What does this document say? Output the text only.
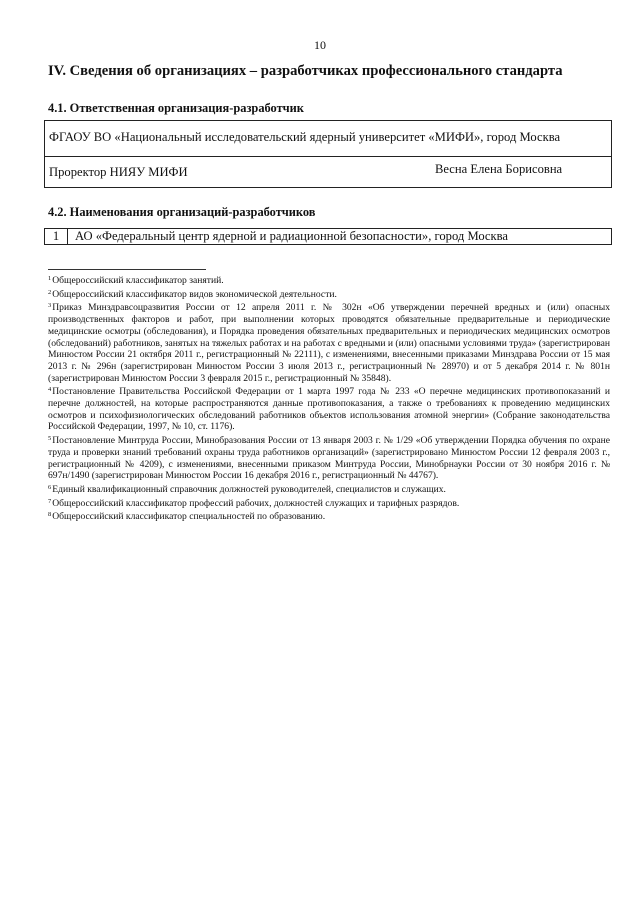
10
IV. Сведения об организациях – разработчиках профессионального стандарта
4.1. Ответственная организация-разработчик
ФГАОУ ВО «Национальный исследовательский ядерный университет «МИФИ», город Москва
Проректор НИЯУ МИФИ	Весна Елена Борисовна
4.2. Наименования организаций-разработчиков
1	АО «Федеральный центр ядерной и радиационной безопасности», город Москва

$^1$Общероссийский классификатор занятий.

$^2$Общероссийский классификатор видов экономической деятельности.

$^3$Приказ Минздравсоцразвития России от 12 апреля 2011 г. № 302н «Об утверждении перечней вредных и (или) опасных производственных факторов и работ, при выполнении которых проводятся обязательные предварительные и периодические медицинские осмотры (обследования), и Порядка проведения обязательных предварительных и периодических медицинских осмотров (обследований) работников, занятых на тяжелых работах и на работах с вредными и (или) опасными условиями труда» (зарегистрирован Минюстом России 21 октября 2011 г., регистрационный № 22111), с изменениями, внесенными приказами Минздрава России от 15 мая 2013 г. № 296н (зарегистрирован Минюстом России 3 июля 2013 г., регистрационный № 28970) и от 5 декабря 2014 г. № 801н (зарегистрирован Минюстом России 3 февраля 2015 г., регистрационный № 35848).

$^4$Постановление Правительства Российской Федерации от 1 марта 1997 года № 233 «О перечне медицинских противопоказаний и перечне должностей, на которые распространяются данные противопоказания, а также о требованиях к проведению медицинских осмотров и психофизиологических обследований работников объектов использования атомной энергии» (Собрание законодательства Российской Федерации, 1997, № 10, ст. 1176).

$^5$Постановление Минтруда России, Минобразования России от 13 января 2003 г. № 1/29 «Об утверждении Порядка обучения по охране труда и проверки знаний требований охраны труда работников организаций» (зарегистрировано Минюстом России 12 февраля 2003 г., регистрационный № 4209), с изменениями, внесенными приказом Минтруда России, Минобрнауки России от 30 ноября 2016 г. № 697н/1490 (зарегистрирован Минюстом России 16 декабря 2016 г., регистрационный № 44767).

$^6$Единый квалификационный справочник должностей руководителей, специалистов и служащих.

$^7$Общероссийский классификатор профессий рабочих, должностей служащих и тарифных разрядов.

$^8$Общероссийский классификатор специальностей по образованию.
